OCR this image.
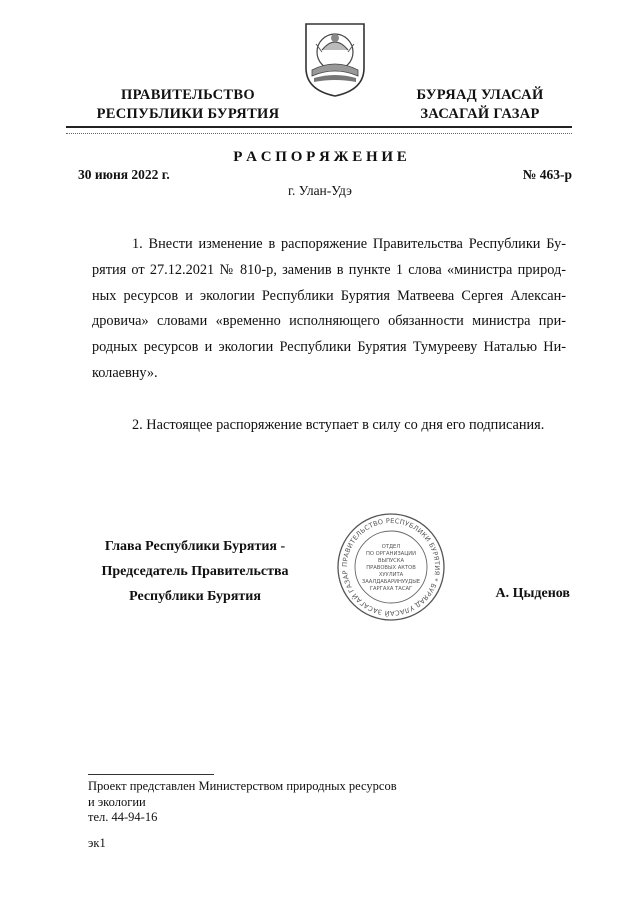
ПРАВИТЕЛЬСТВО
РЕСПУБЛИКИ БУРЯТИЯ
БУРЯАД УЛАСАЙ
ЗАСАГАЙ ГАЗАР
Р А С П О Р Я Ж Е Н И Е
30 июня 2022 г.	№ 463-р
г. Улан-Удэ
1. Внести изменение в распоряжение Правительства Республики Бу-
рятия от 27.12.2021 № 810-р, заменив в пункте 1 слова «министра природ-
ных ресурсов и экологии Республики Бурятия Матвеева Сергея Алексан-
дровича» словами «временно исполняющего обязанности министра при-
родных ресурсов и экологии Республики Бурятия Тумурееву Наталью Ни-
колаевну».
2. Настоящее распоряжение вступает в силу со дня его подписания.
Глава Республики Бурятия -
Председатель Правительства
Республики Бурятия	А. Цыденов
ПРАВИТЕЛЬСТВО РЕСПУБЛИКИ БУРЯТИЯ * БУРЯАД УЛАСАЙ ЗАСАГАЙ ГАЗАР
ОТДЕЛ
ПО ОРГАНИЗАЦИИ
ВЫПУСКА
ПРАВОВЫХ АКТОВ
ХУУЛИТА
ЗААЛДАБАРИНУУДЫЕ
ГАРГАХА ТАСАГ
Проект представлен Министерством природных ресурсов
и экологии
тел. 44-94-16
эк1
